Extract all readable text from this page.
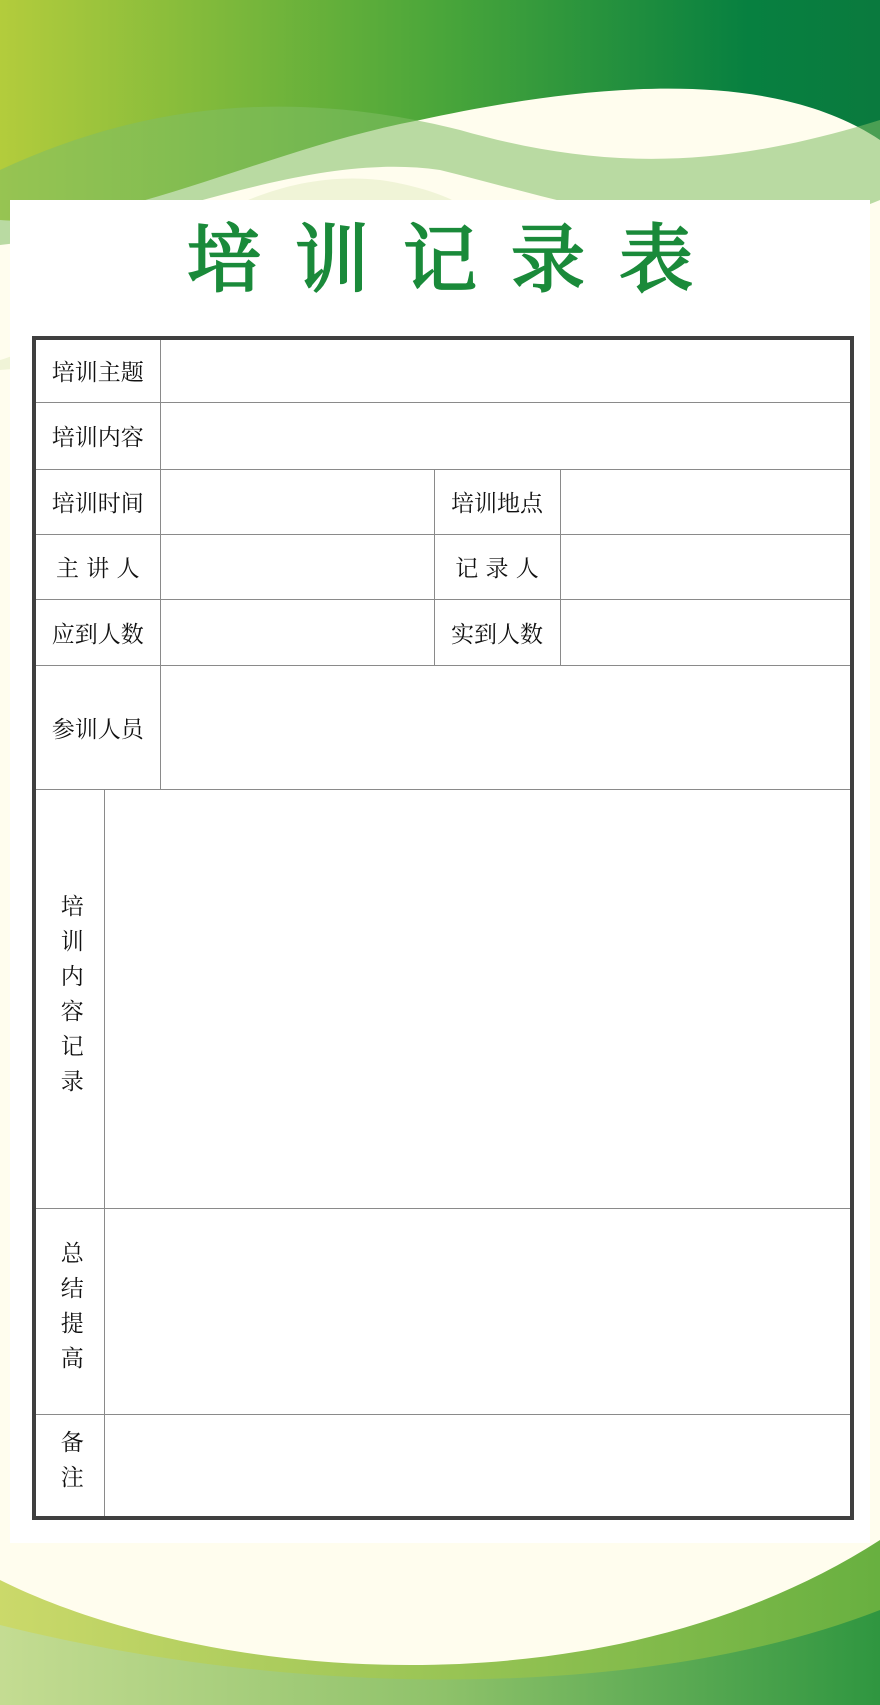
培训记录表
培训主题				
培训内容				
培训时间			培训地点	
主 讲 人			记 录 人	
应到人数			实到人数	
参训人员				

培训内容记录				

总结提高				

备注				
